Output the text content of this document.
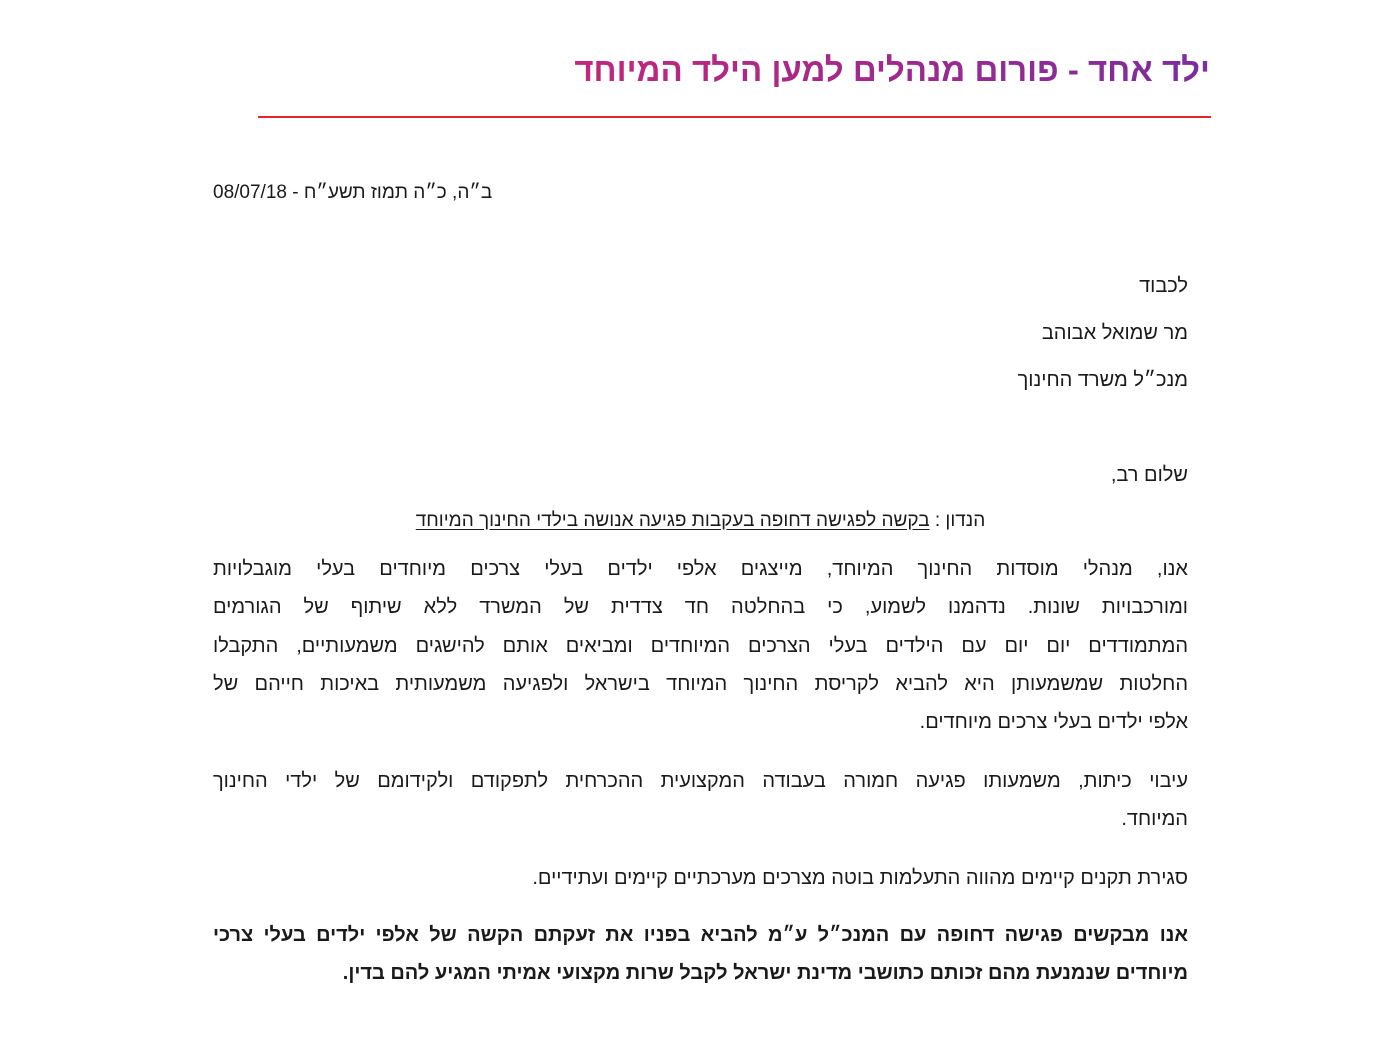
ילד אחד - פורום מנהלים למען הילד המיוחד
ב״ה, כ״ה תמוז תשע״ח - 08/07/18
לכבוד
מר שמואל אבוהב
מנכ״ל משרד החינוך
שלום רב,
הנדון : בקשה לפגישה דחופה בעקבות פגיעה אנושה בילדי החינוך המיוחד
אנו, מנהלי מוסדות החינוך המיוחד, מייצגים אלפי ילדים בעלי צרכים מיוחדים בעלי מוגבלויות
ומורכבויות שונות. נדהמנו לשמוע, כי בהחלטה חד צדדית של המשרד ללא שיתוף של הגורמים
המתמודדים יום יום עם הילדים בעלי הצרכים המיוחדים ומביאים אותם להישגים משמעותיים, התקבלו
החלטות שמשמעותן היא להביא לקריסת החינוך המיוחד בישראל ולפגיעה משמעותית באיכות חייהם של
אלפי ילדים בעלי צרכים מיוחדים.
עיבוי כיתות, משמעותו פגיעה חמורה בעבודה המקצועית ההכרחית לתפקודם ולקידומם של ילדי החינוך
המיוחד.
סגירת תקנים קיימים מהווה התעלמות בוטה מצרכים מערכתיים קיימים ועתידיים.
אנו מבקשים פגישה דחופה עם המנכ״ל ע״מ להביא בפניו את זעקתם הקשה של אלפי ילדים בעלי צרכי
מיוחדים שנמנעת מהם זכותם כתושבי מדינת ישראל לקבל שרות מקצועי אמיתי המגיע להם בדין.
